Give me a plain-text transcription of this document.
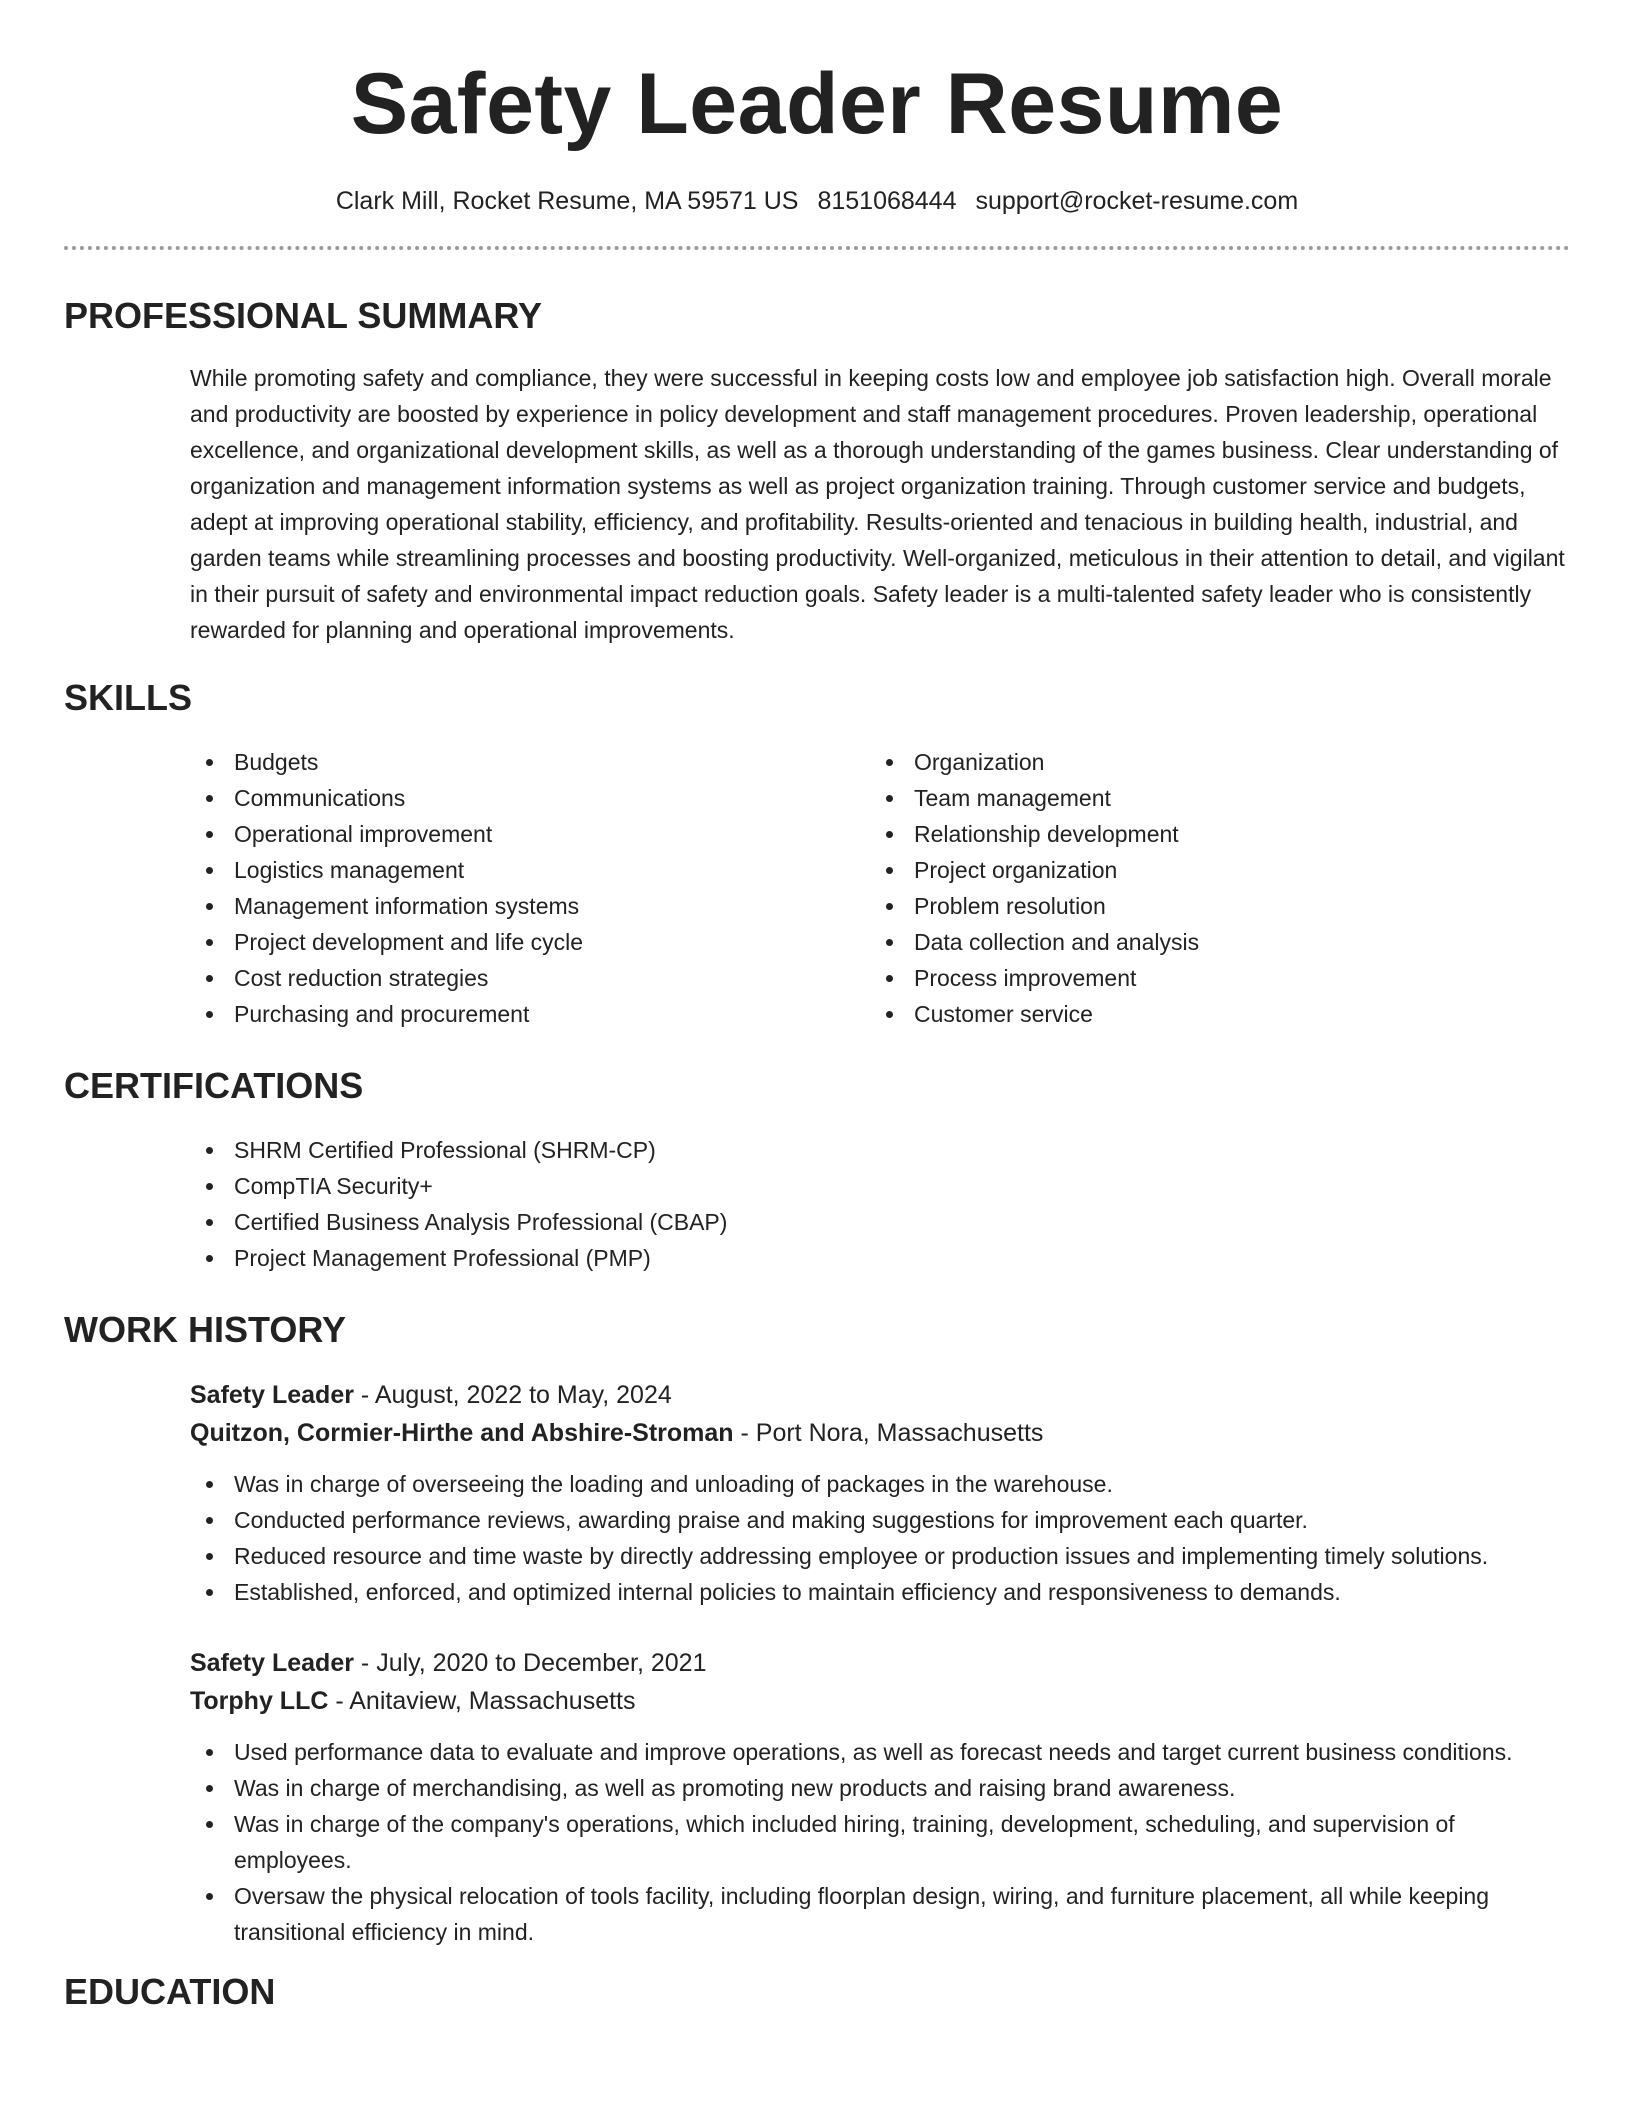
Safety Leader Resume
Clark Mill, Rocket Resume, MA 59571 US 8151068444 support@rocket-resume.com
PROFESSIONAL SUMMARY

While promoting safety and compliance, they were successful in keeping costs low and employee job satisfaction high. Overall morale and productivity are boosted by experience in policy development and staff management procedures. Proven leadership, operational excellence, and organizational development skills, as well as a thorough understanding of the games business. Clear understanding of organization and management information systems as well as project organization training. Through customer service and budgets, adept at improving operational stability, efficiency, and profitability. Results-oriented and tenacious in building health, industrial, and garden teams while streamlining processes and boosting productivity. Well-organized, meticulous in their attention to detail, and vigilant in their pursuit of safety and environmental impact reduction goals. Safety leader is a multi-talented safety leader who is consistently rewarded for planning and operational improvements.

SKILLS
Budgets
Communications
Operational improvement
Logistics management
Management information systems
Project development and life cycle
Cost reduction strategies
Purchasing and procurement
Organization
Team management
Relationship development
Project organization
Problem resolution
Data collection and analysis
Process improvement
Customer service
CERTIFICATIONS
SHRM Certified Professional (SHRM-CP)
CompTIA Security+
Certified Business Analysis Professional (CBAP)
Project Management Professional (PMP)
WORK HISTORY
Safety Leader - August, 2022 to May, 2024
Quitzon, Cormier-Hirthe and Abshire-Stroman - Port Nora, Massachusetts
Was in charge of overseeing the loading and unloading of packages in the warehouse.
Conducted performance reviews, awarding praise and making suggestions for improvement each quarter.
Reduced resource and time waste by directly addressing employee or production issues and implementing timely solutions.
Established, enforced, and optimized internal policies to maintain efficiency and responsiveness to demands.
Safety Leader - July, 2020 to December, 2021
Torphy LLC - Anitaview, Massachusetts
Used performance data to evaluate and improve operations, as well as forecast needs and target current business conditions.
Was in charge of merchandising, as well as promoting new products and raising brand awareness.
Was in charge of the company's operations, which included hiring, training, development, scheduling, and supervision of employees.
Oversaw the physical relocation of tools facility, including floorplan design, wiring, and furniture placement, all while keeping transitional efficiency in mind.
EDUCATION
